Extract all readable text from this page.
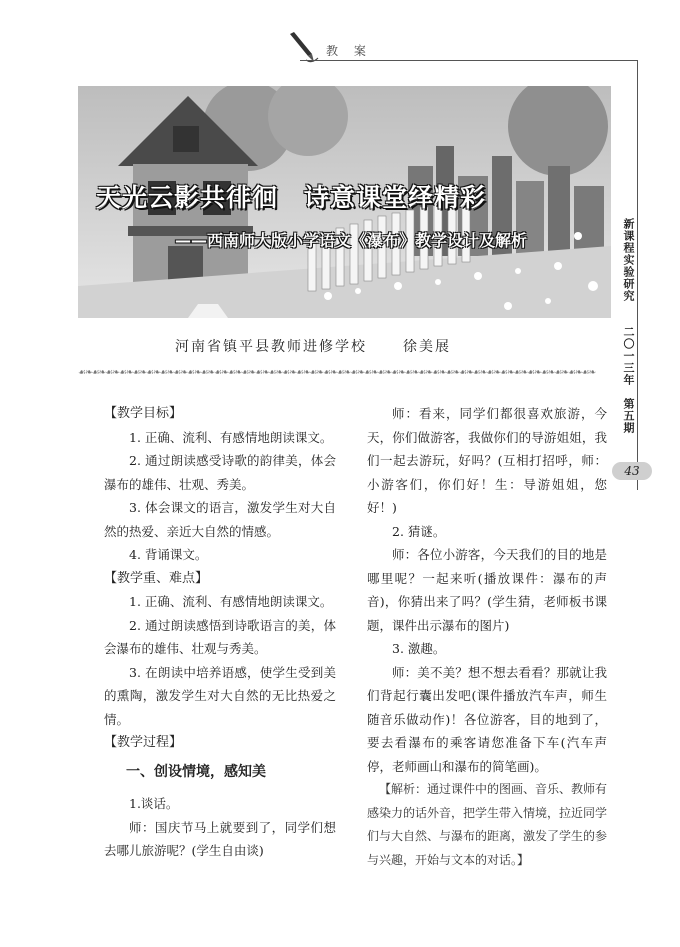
教 案
天光云影共徘徊　诗意课堂绎精彩
——西南师大版小学语文《瀑布》教学设计及解析
河南省镇平县教师进修学校	徐美展
☙❧☙❧☙❧☙❧☙❧☙❧☙❧☙❧☙❧☙❧☙❧☙❧☙❧☙❧☙❧☙❧☙❧☙❧☙❧☙❧☙❧☙❧☙❧☙❧☙❧☙❧☙❧☙❧☙❧☙❧☙❧☙❧☙❧☙❧☙❧☙❧☙❧☙❧
新课程实验研究
二〇一三年　第五期
43

【教学目标】

1. 正确、流利、有感情地朗读课文。

2. 通过朗读感受诗歌的韵律美，体会瀑布的雄伟、壮观、秀美。

3. 体会课文的语言，激发学生对大自然的热爱、亲近大自然的情感。

4. 背诵课文。

【教学重、难点】

1. 正确、流利、有感情地朗读课文。

2. 通过朗读感悟到诗歌语言的美，体会瀑布的雄伟、壮观与秀美。

3. 在朗读中培养语感，使学生受到美的熏陶，激发学生对大自然的无比热爱之情。

【教学过程】

一、创设情境，感知美

1.谈话。

师：国庆节马上就要到了，同学们想去哪儿旅游呢？(学生自由谈)

师：看来，同学们都很喜欢旅游，今天，你们做游客，我做你们的导游姐姐，我们一起去游玩，好吗？(互相打招呼，师：小游客们，你们好！生：导游姐姐，您好！)

2. 猜谜。

师：各位小游客，今天我们的目的地是哪里呢？一起来听(播放课件：瀑布的声音)，你猜出来了吗？(学生猜，老师板书课题，课件出示瀑布的图片)

3. 激趣。

师：美不美？想不想去看看？那就让我们背起行囊出发吧(课件播放汽车声，师生随音乐做动作)！各位游客，目的地到了，要去看瀑布的乘客请您准备下车(汽车声停，老师画山和瀑布的简笔画)。

【解析：通过课件中的图画、音乐、教师有感染力的话外音，把学生带入情境，拉近同学们与大自然、与瀑布的距离，激发了学生的参与兴趣，开始与文本的对话。】
